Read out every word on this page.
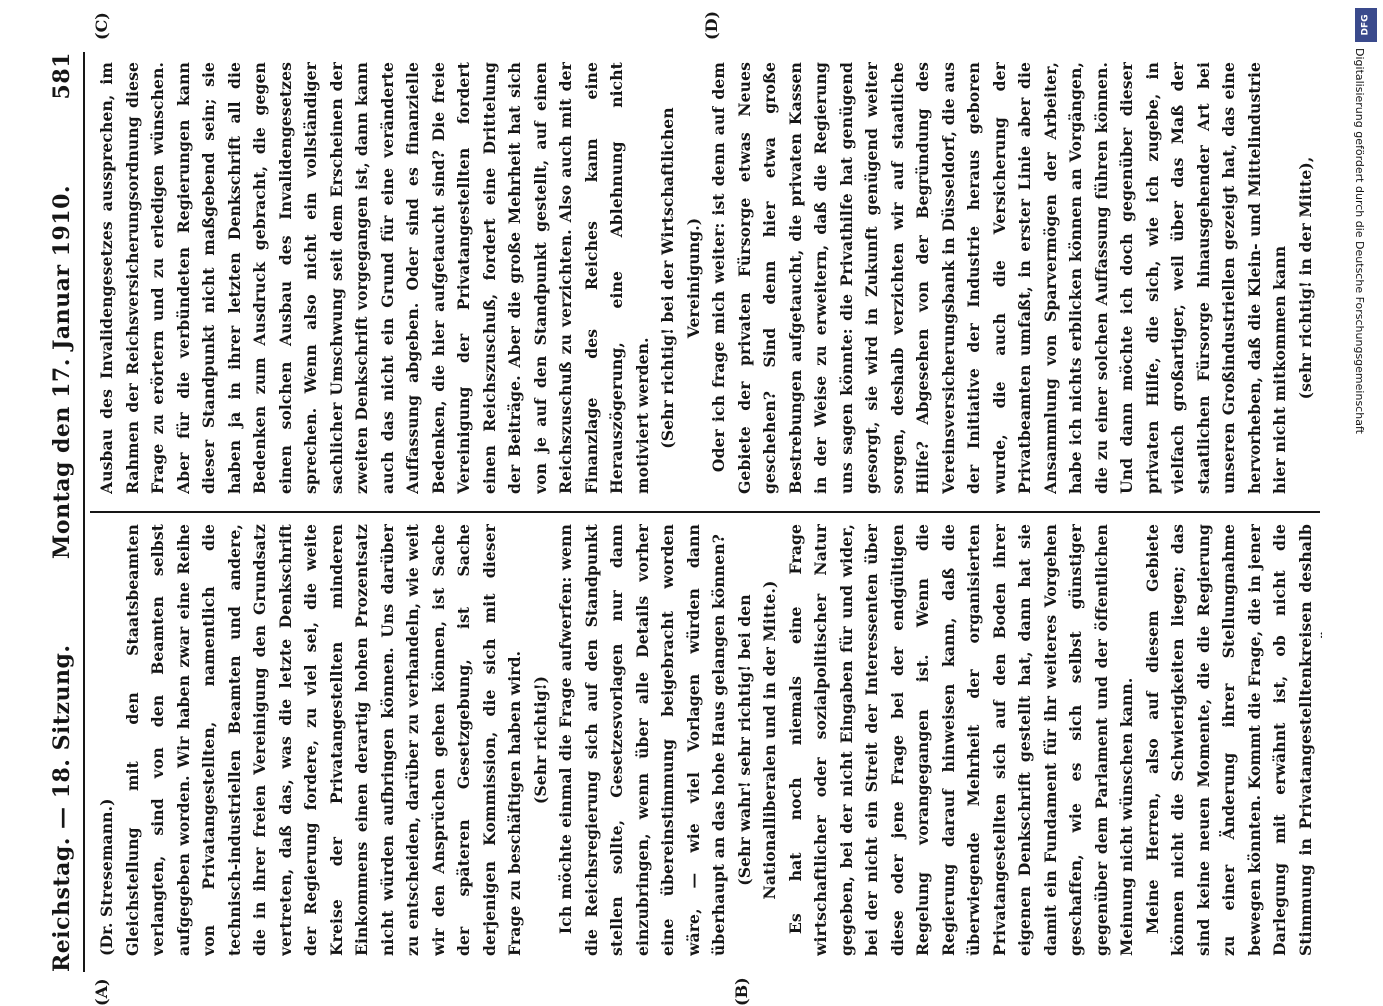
Reichstag. — 18. Sitzung.
Montag den 17. Januar 1910.
581
(A)	(B)
(C)	(D)

(Dr. Stresemann.) Gleichstellung mit den Staatsbeamten verlangten, sind von den Beamten selbst aufgegeben worden. Wir haben zwar eine Reihe von Privatangestellten, namentlich die technisch-industriellen Beamten und andere, die in ihrer freien Vereinigung den Grundsatz vertreten, daß das, was die letzte Denkschrift der Regierung fordere, zu viel sei, die weite Kreise der Privatangestellten minderen Einkommens einen derartig hohen Prozentsatz nicht würden aufbringen können. Uns darüber zu entscheiden, darüber zu verhandeln, wie weit wir den Ansprüchen gehen können, ist Sache der späteren Gesetzgebung, ist Sache derjenigen Kommission, die sich mit dieser Frage zu beschäftigen haben wird. (Sehr richtig!) Ich möchte einmal die Frage aufwerfen: wenn die Reichsregierung sich auf den Standpunkt stellen sollte, Gesetzesvorlagen nur dann einzubringen, wenn über alle Details vorher eine übereinstimmung beigebracht worden wäre, — wie viel Vorlagen würden dann überhaupt an das hohe Haus gelangen können? (Sehr wahr! sehr richtig! bei den Nationalliberalen und in der Mitte.) Es hat noch niemals eine Frage wirtschaftlicher oder sozialpolitischer Natur gegeben, bei der nicht Eingaben für und wider, bei der nicht ein Streit der Interessenten über diese oder jene Frage bei der endgültigen Regelung vorangegangen ist. Wenn die Regierung darauf hinweisen kann, daß die überwiegende Mehrheit der organisierten Privatangestellten sich auf den Boden ihrer eigenen Denkschrift gestellt hat, dann hat sie damit ein Fundament für ihr weiteres Vorgehen geschaffen, wie es sich selbst günstiger gegenüber dem Parlament und der öffentlichen Meinung nicht wünschen kann. Meine Herren, also auf diesem Gebiete können nicht die Schwierigkeiten liegen; das sind keine neuen Momente, die die Regierung zu einer Änderung ihrer Stellungnahme bewegen könnten. Kommt die Frage, die in jener Darlegung mit erwähnt ist, ob nicht die Stimmung in Privatangestelltenkreisen deshalb

Ausbau des Invalidengesetzes aussprechen, im Rahmen der Reichsversicherungsordnung diese Frage zu erörtern und zu erledigen wünschen. Aber für die verbündeten Regierungen kann dieser Standpunkt nicht maßgebend sein; sie haben ja in ihrer letzten Denkschrift all die Bedenken zum Ausdruck gebracht, die gegen einen solchen Ausbau des Invalidengesetzes sprechen. Wenn also nicht ein vollständiger sachlicher Umschwung seit dem Erscheinen der zweiten Denkschrift vorgegangen ist, dann kann auch das nicht ein Grund für eine veränderte Auffassung abgeben. Oder sind es finanzielle Bedenken, die hier aufgetaucht sind? Die freie Vereinigung der Privatangestellten fordert einen Reichszuschuß, fordert eine Drittelung der Beiträge. Aber die große Mehrheit hat sich von je auf den Standpunkt gestellt, auf einen Reichszuschuß zu verzichten. Also auch mit der Finanzlage des Reiches kann eine Herauszögerung, eine Ablehnung nicht motiviert werden. (Sehr richtig! bei der Wirtschaftlichen Vereinigung.) Oder ich frage mich weiter: ist denn auf dem Gebiete der privaten Fürsorge etwas Neues geschehen? Sind denn hier etwa große Bestrebungen aufgetaucht, die privaten Kassen in der Weise zu erweitern, daß die Regierung uns sagen könnte: die Privathilfe hat genügend gesorgt, sie wird in Zukunft genügend weiter sorgen, deshalb verzichten wir auf staatliche Hilfe? Abgesehen von der Begründung des Vereinsversicherungsbank in Düsseldorf, die aus der Initiative der Industrie heraus geboren wurde, die auch die Versicherung der Privatbeamten umfaßt, in erster Linie aber die Ansammlung von Sparvermögen der Arbeiter, habe ich nichts erblicken können an Vorgängen, die zu einer solchen Auffassung führen können. Und dann möchte ich doch gegenüber dieser privaten Hilfe, die sich, wie ich zugebe, in vielfach großartiger, weil über das Maß der staatlichen Fürsorge hinausgehender Art bei unseren Großindustriellen gezeigt hat, das eine hervorheben, daß die Klein- und Mittelindustrie hier nicht mitkommen kann (sehr richtig! in der Mitte),

DFG
Digitalisierung gefördert durch die Deutsche Forschungsgemeinschaft
